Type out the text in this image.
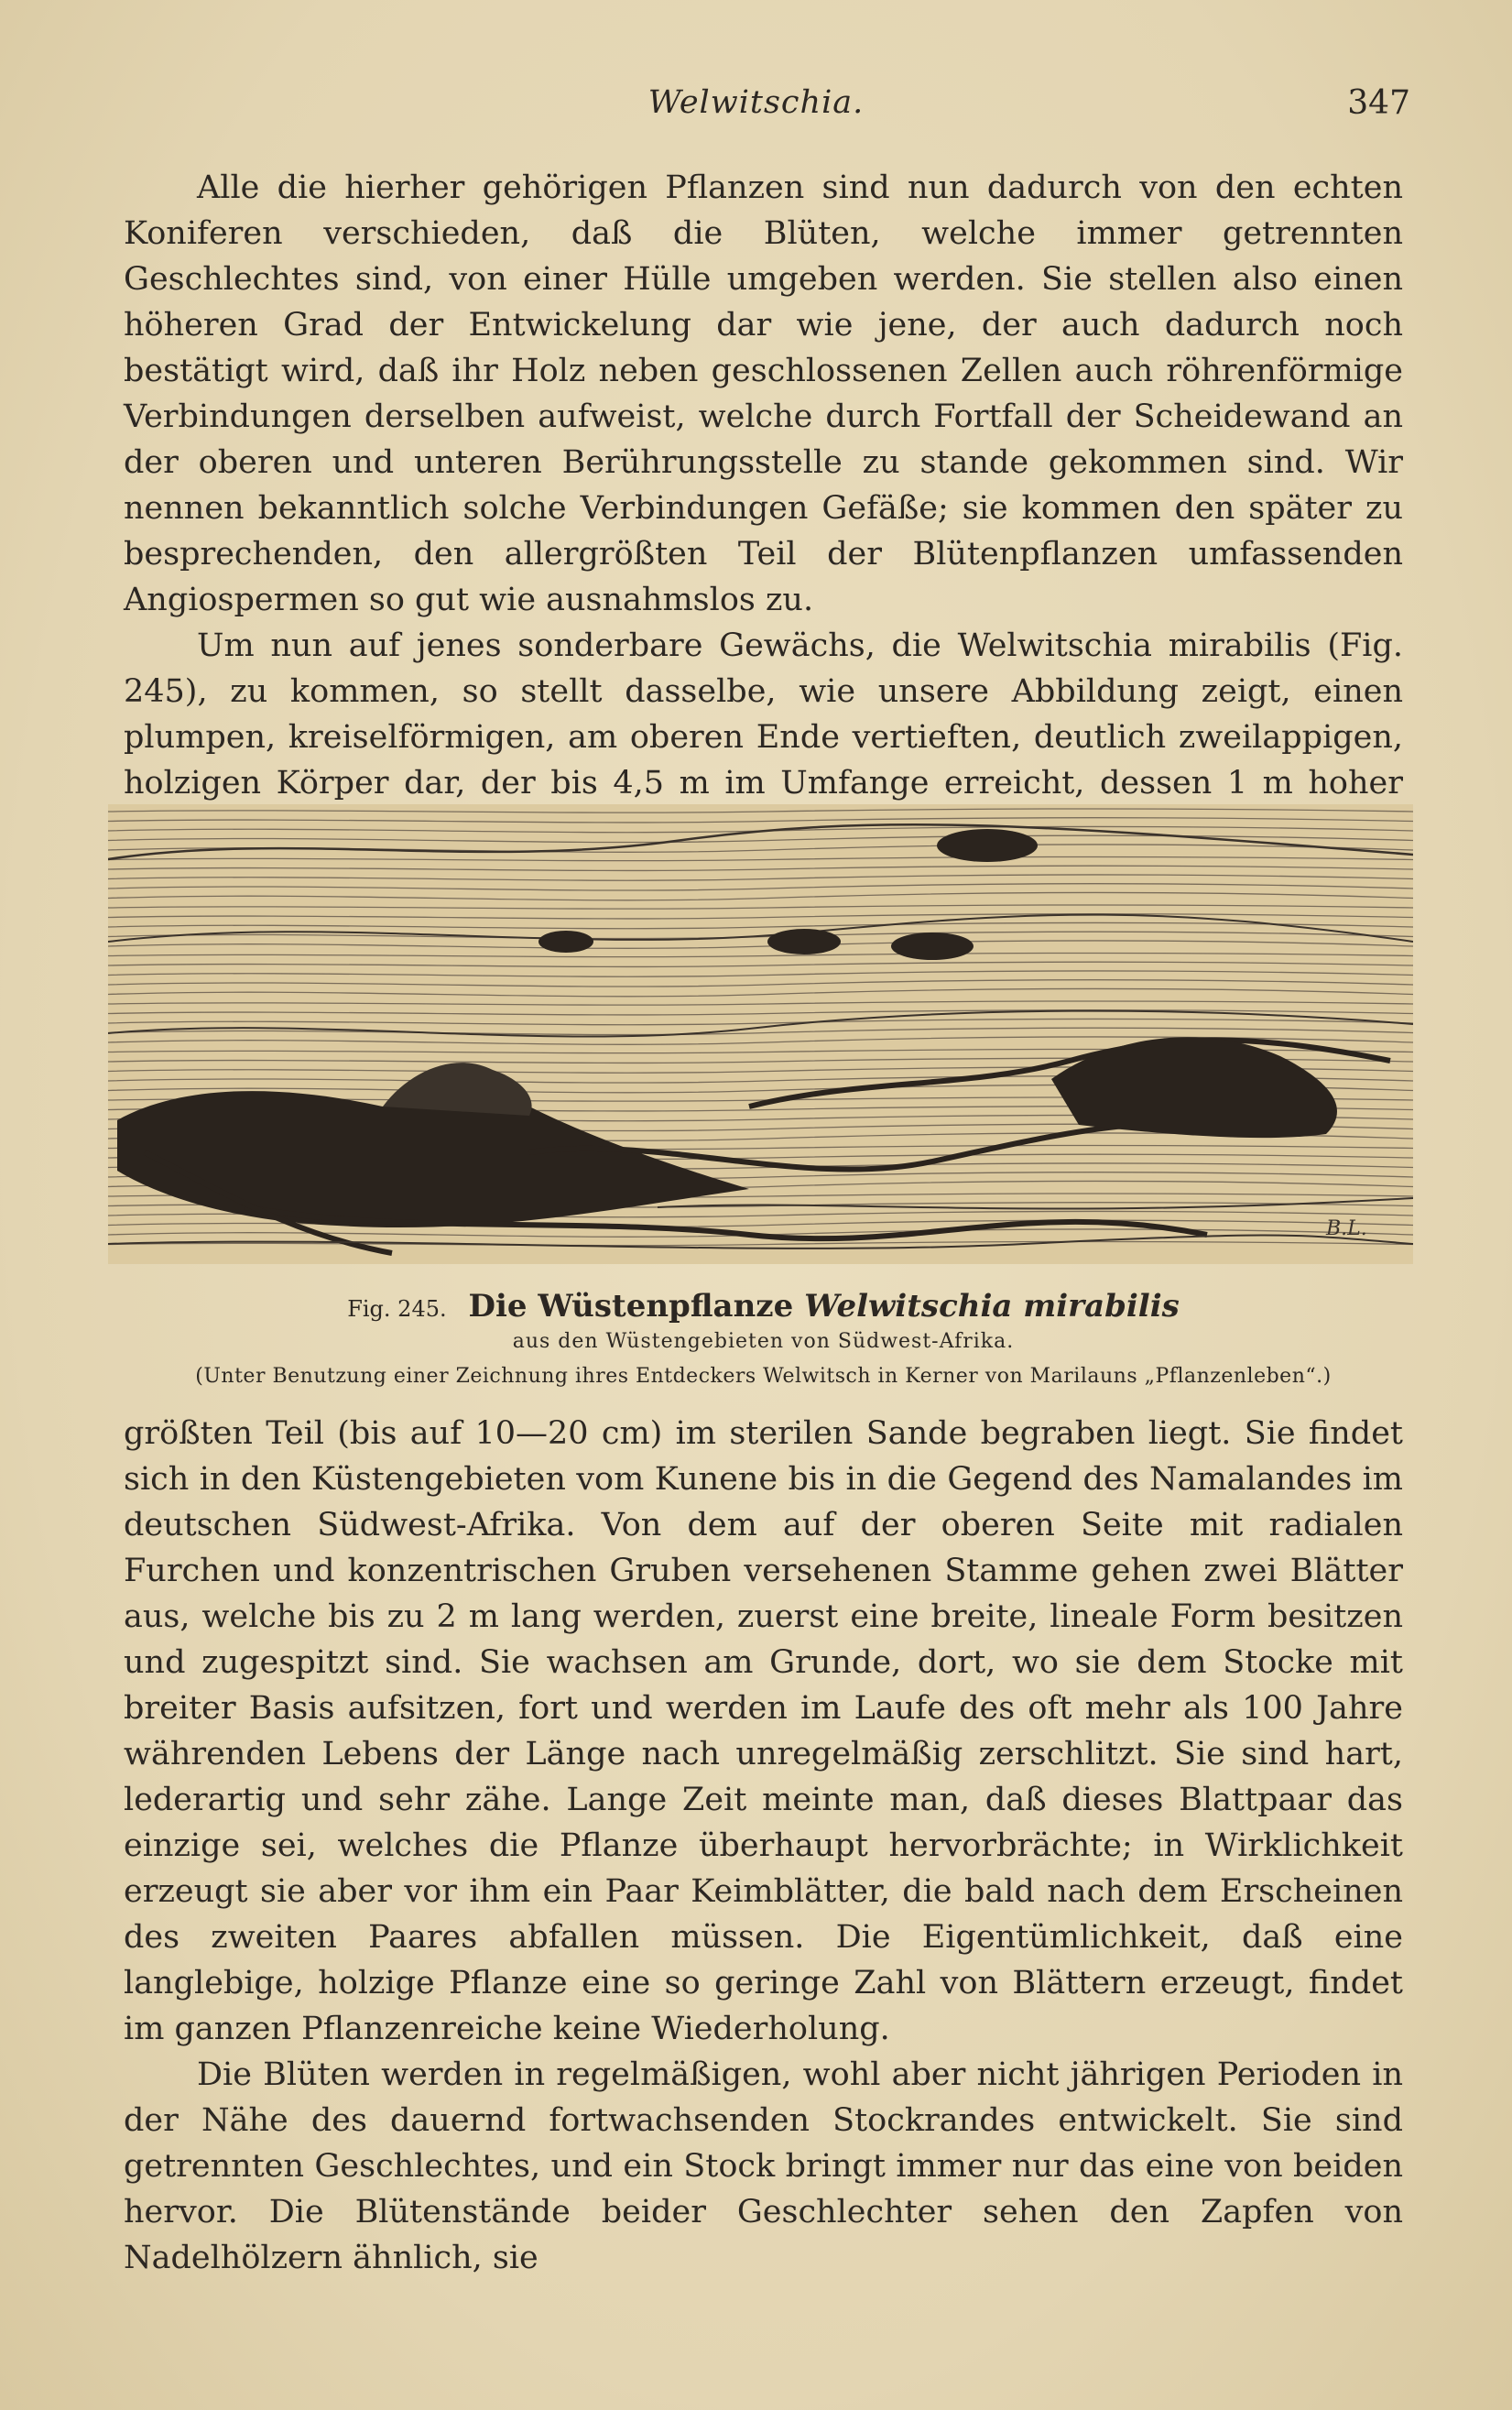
Welwitschia.	347

Alle die hierher gehörigen Pflanzen sind nun dadurch von den echten Koniferen verschieden, daß die Blüten, welche immer getrennten Geschlechtes sind, von einer Hülle umgeben werden. Sie stellen also einen höheren Grad der Entwickelung dar wie jene, der auch dadurch noch bestätigt wird, daß ihr Holz neben geschlossenen Zellen auch röhrenförmige Verbindungen derselben aufweist, welche durch Fortfall der Scheidewand an der oberen und unteren Berührungsstelle zu stande gekommen sind. Wir nennen bekanntlich solche Verbindungen Gefäße; sie kommen den später zu besprechenden, den allergrößten Teil der Blütenpflanzen umfassenden Angiospermen so gut wie ausnahmslos zu.

Um nun auf jenes sonderbare Gewächs, die Welwitschia mirabilis (Fig. 245), zu kommen, so stellt dasselbe, wie unsere Abbildung zeigt, einen plumpen, kreiselförmigen, am oberen Ende vertieften, deutlich zweilappigen, holzigen Körper dar, der bis 4,5 m im Umfange erreicht, dessen 1 m hoher

B.L.
Fig. 245. Die Wüstenpflanze Welwitschia mirabilis
aus den Wüstengebieten von Südwest-Afrika.
(Unter Benutzung einer Zeichnung ihres Entdeckers Welwitsch in Kerner von Marilauns „Pflanzenleben“.)

größten Teil (bis auf 10—20 cm) im sterilen Sande begraben liegt. Sie findet sich in den Küstengebieten vom Kunene bis in die Gegend des Namalandes im deutschen Südwest-Afrika. Von dem auf der oberen Seite mit radialen Furchen und konzentrischen Gruben versehenen Stamme gehen zwei Blätter aus, welche bis zu 2 m lang werden, zuerst eine breite, lineale Form besitzen und zugespitzt sind. Sie wachsen am Grunde, dort, wo sie dem Stocke mit breiter Basis aufsitzen, fort und werden im Laufe des oft mehr als 100 Jahre währenden Lebens der Länge nach unregelmäßig zerschlitzt. Sie sind hart, lederartig und sehr zähe. Lange Zeit meinte man, daß dieses Blattpaar das einzige sei, welches die Pflanze überhaupt hervorbrächte; in Wirklichkeit erzeugt sie aber vor ihm ein Paar Keimblätter, die bald nach dem Erscheinen des zweiten Paares abfallen müssen. Die Eigentümlichkeit, daß eine langlebige, holzige Pflanze eine so geringe Zahl von Blättern erzeugt, findet im ganzen Pflanzenreiche keine Wiederholung.

Die Blüten werden in regelmäßigen, wohl aber nicht jährigen Perioden in der Nähe des dauernd fortwachsenden Stockrandes entwickelt. Sie sind getrennten Geschlechtes, und ein Stock bringt immer nur das eine von beiden hervor. Die Blütenstände beider Geschlechter sehen den Zapfen von Nadelhölzern ähnlich, sie
